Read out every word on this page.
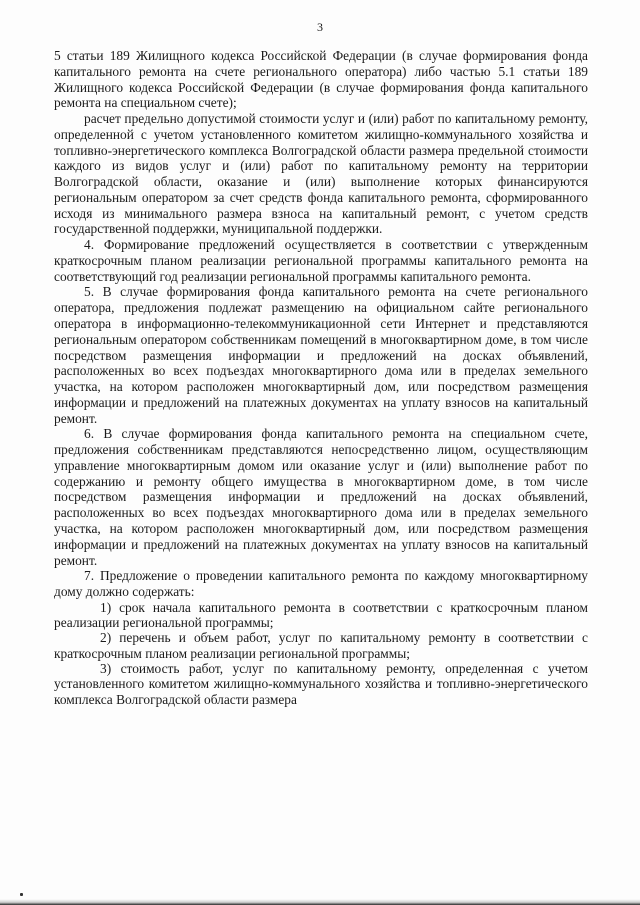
3

5 статьи 189 Жилищного кодекса Российской Федерации (в случае формирования фонда капитального ремонта на счете регионального оператора) либо частью 5.1 статьи 189 Жилищного кодекса Российской Федерации (в случае формирования фонда капитального ремонта на специальном счете);

расчет предельно допустимой стоимости услуг и (или) работ по капитальному ремонту, определенной с учетом установленного комитетом жилищно-коммунального хозяйства и топливно-энергетического комплекса Волгоградской области размера предельной стоимости каждого из видов услуг и (или) работ по капитальному ремонту на территории Волгоградской области, оказание и (или) выполнение которых финансируются региональным оператором за счет средств фонда капитального ремонта, сформированного исходя из минимального размера взноса на капитальный ремонт, с учетом средств государственной поддержки, муниципальной поддержки.

4. Формирование предложений осуществляется в соответствии с утвержденным краткосрочным планом реализации региональной программы капитального ремонта на соответствующий год реализации региональной программы капитального ремонта.

5. В случае формирования фонда капитального ремонта на счете регионального оператора, предложения подлежат размещению на официальном сайте регионального оператора в информационно-телекоммуникационной сети Интернет и представляются региональным оператором собственникам помещений в многоквартирном доме, в том числе посредством размещения информации и предложений на досках объявлений, расположенных во всех подъездах многоквартирного дома или в пределах земельного участка, на котором расположен многоквартирный дом, или посредством размещения информации и предложений на платежных документах на уплату взносов на капитальный ремонт.

6. В случае формирования фонда капитального ремонта на специальном счете, предложения собственникам представляются непосредственно лицом, осуществляющим управление многоквартирным домом или оказание услуг и (или) выполнение работ по содержанию и ремонту общего имущества в многоквартирном доме, в том числе посредством размещения информации и предложений на досках объявлений, расположенных во всех подъездах многоквартирного дома или в пределах земельного участка, на котором расположен многоквартирный дом, или посредством размещения информации и предложений на платежных документах на уплату взносов на капитальный ремонт.

7. Предложение о проведении капитального ремонта по каждому многоквартирному дому должно содержать:

1) срок начала капитального ремонта в соответствии с краткосрочным планом реализации региональной программы;

2) перечень и объем работ, услуг по капитальному ремонту в соответствии с краткосрочным планом реализации региональной программы;

3) стоимость работ, услуг по капитальному ремонту, определенная с учетом установленного комитетом жилищно-коммунального хозяйства и топливно-энергетического комплекса Волгоградской области размера
